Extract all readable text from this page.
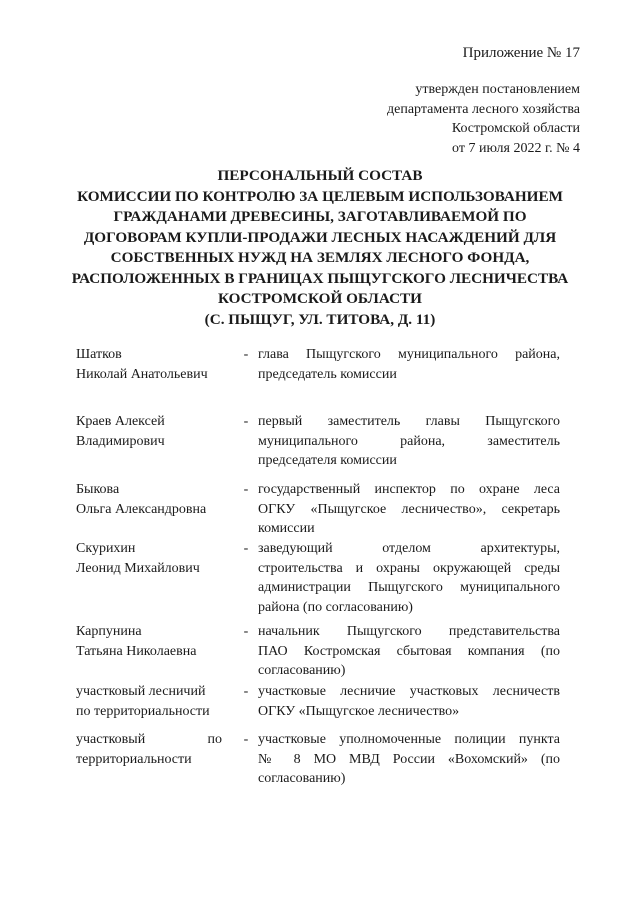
Приложение № 17
утвержден постановлением
департамента лесного хозяйства
Костромской области
от 7 июля 2022 г. № 4
ПЕРСОНАЛЬНЫЙ СОСТАВ
КОМИССИИ ПО КОНТРОЛЮ ЗА ЦЕЛЕВЫМ ИСПОЛЬЗОВАНИЕМ
ГРАЖДАНАМИ ДРЕВЕСИНЫ, ЗАГОТАВЛИВАЕМОЙ ПО
ДОГОВОРАМ КУПЛИ-ПРОДАЖИ ЛЕСНЫХ НАСАЖДЕНИЙ ДЛЯ
СОБСТВЕННЫХ НУЖД НА ЗЕМЛЯХ ЛЕСНОГО ФОНДА,
РАСПОЛОЖЕННЫХ В ГРАНИЦАХ ПЫЩУГСКОГО ЛЕСНИЧЕСТВА
КОСТРОМСКОЙ ОБЛАСТИ
(С. ПЫЩУГ, УЛ. ТИТОВА, Д. 11)
Шатков
Николай Анатольевич
- глава Пыщугского муниципального района,
председатель комиссии
Краев Алексей
Владимирович
- первый заместитель главы Пыщугского
муниципального района, заместитель
председателя комиссии
Быкова
Ольга Александровна
- государственный инспектор по охране леса
ОГКУ «Пыщугское лесничество», секретарь
комиссии
Скурихин
Леонид Михайлович
- заведующий отделом архитектуры,
строительства и охраны окружающей среды
администрации Пыщугского муниципального
района (по согласованию)
Карпунина
Татьяна Николаевна
- начальник Пыщугского представительства
ПАО Костромская сбытовая компания (по
согласованию)
участковый лесничий
по территориальности
- участковые лесничие участковых лесничеств
ОГКУ «Пыщугское лесничество»
участковый	по
территориальности
- участковые уполномоченные полиции пункта
№ 8 МО МВД России «Вохомский» (по
согласованию)
